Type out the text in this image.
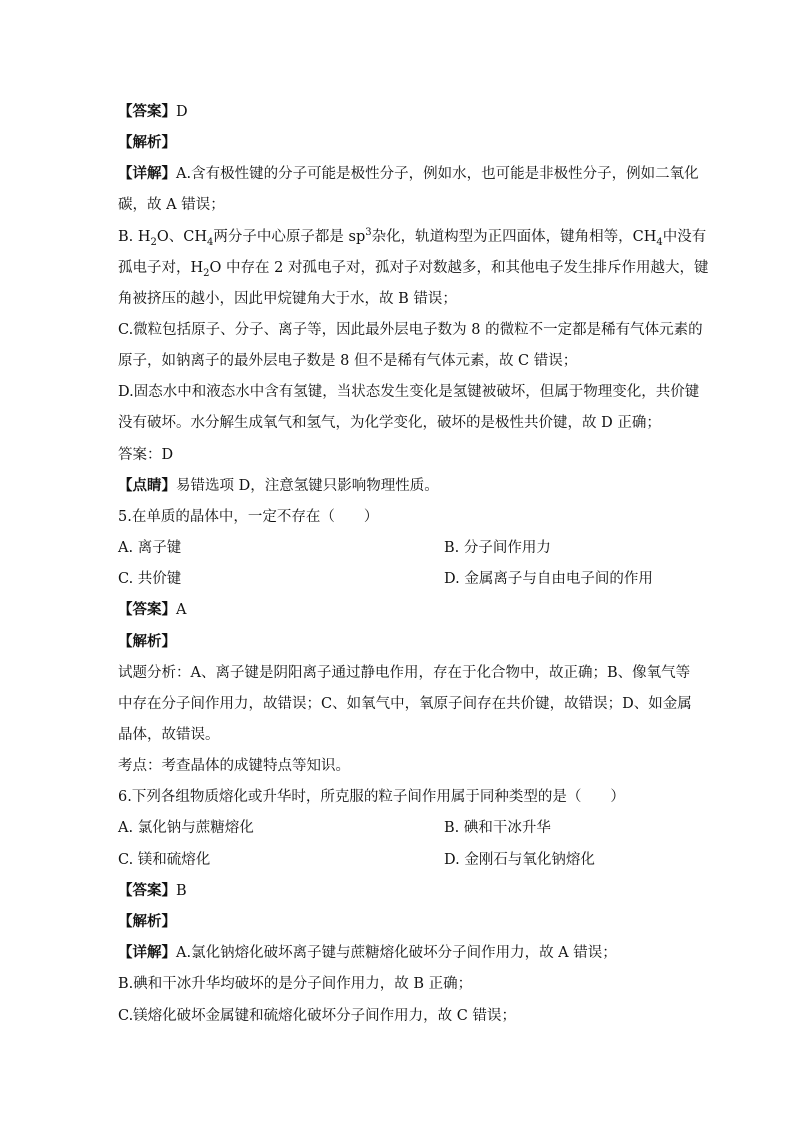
【答案】D
【解析】
【详解】A.含有极性键的分子可能是极性分子，例如水，也可能是非极性分子，例如二氧化
碳，故 A 错误；
B. $H_2O$、$CH_4$两分子中心原子都是 $sp^3$杂化，轨道构型为正四面体，键角相等，$CH_4$中没有
孤电子对，$H_2O$ 中存在 2 对孤电子对，孤对子对数越多，和其他电子发生排斥作用越大，键
角被挤压的越小，因此甲烷键角大于水，故 B 错误；
C.微粒包括原子、分子、离子等，因此最外层电子数为 8 的微粒不一定都是稀有气体元素的
原子，如钠离子的最外层电子数是 8 但不是稀有气体元素，故 C 错误；
D.固态水中和液态水中含有氢键，当状态发生变化是氢键被破坏，但属于物理变化，共价键
没有破坏。水分解生成氧气和氢气，为化学变化，破坏的是极性共价键，故 D 正确；
答案：D
【点睛】易错选项 D，注意氢键只影响物理性质。
5.在单质的晶体中，一定不存在（　　）
A. 离子键	B. 分子间作用力
C. 共价键	D. 金属离子与自由电子间的作用
【答案】A
【解析】
试题分析：A、离子键是阴阳离子通过静电作用，存在于化合物中，故正确；B、像氧气等
中存在分子间作用力，故错误；C、如氧气中，氧原子间存在共价键，故错误；D、如金属
晶体，故错误。
考点：考查晶体的成键特点等知识。
6.下列各组物质熔化或升华时，所克服的粒子间作用属于同种类型的是（　　）
A. 氯化钠与蔗糖熔化	B. 碘和干冰升华
C. 镁和硫熔化	D. 金刚石与氧化钠熔化
【答案】B
【解析】
【详解】A.氯化钠熔化破坏离子键与蔗糖熔化破坏分子间作用力，故 A 错误；
B.碘和干冰升华均破坏的是分子间作用力，故 B 正确；
C.镁熔化破坏金属键和硫熔化破坏分子间作用力，故 C 错误；
